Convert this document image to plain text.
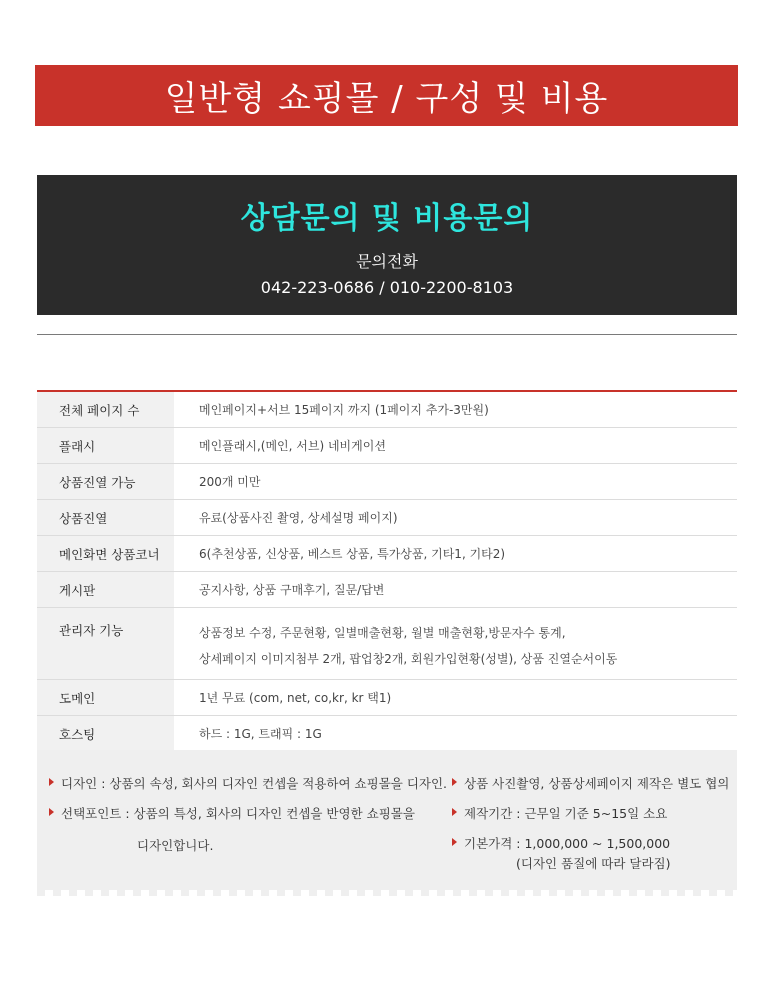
일반형 쇼핑몰 / 구성 및 비용
상담문의 및 비용문의
문의전화
042-223-0686 / 010-2200-8103
전체 페이지 수	메인페이지+서브 15페이지 까지 (1페이지 추가-3만원)
플래시	메인플래시,(메인, 서브) 네비게이션
상품진열 가능	200개 미만
상품진열	유료(상품사진 촬영, 상세설명 페이지)
메인화면 상품코너	6(추천상품, 신상품, 베스트 상품, 특가상품, 기타1, 기타2)
게시판	공지사항, 상품 구매후기, 질문/답변
관리자 기능	상품정보 수정, 주문현황, 일별매출현황, 월별 매출현황,방문자수 통계,
상세페이지 이미지첨부 2개, 팝업창2개, 회원가입현황(성별), 상품 진열순서이동
도메인	1년 무료 (com, net, co,kr, kr 택1)
호스팅	하드 : 1G, 트래픽 : 1G
디자인 : 상품의 속성, 회사의 디자인 컨셉을 적용하여 쇼핑몰을 디자인.
선택포인트 : 상품의 특성, 회사의 디자인 컨셉을 반영한 쇼핑몰을
디자인합니다.
상품 사진촬영, 상품상세페이지 제작은 별도 협의
제작기간 : 근무일 기준 5~15일 소요
기본가격 : 1,000,000 ~ 1,500,000
(디자인 품질에 따라 달라짐)
